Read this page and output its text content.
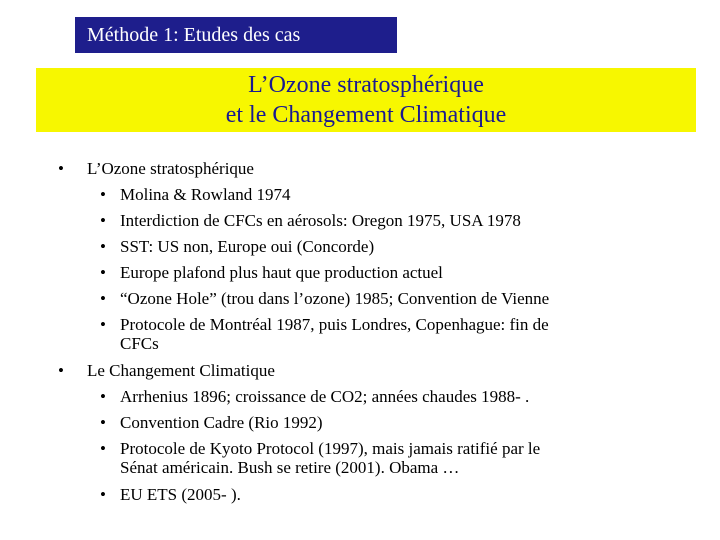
Méthode 1: Etudes des cas
L’Ozone stratosphérique
et le Changement Climatique
•	L’Ozone stratosphérique
• Molina & Rowland 1974
• Interdiction de CFCs en aérosols: Oregon 1975, USA 1978
• SST: US non, Europe oui (Concorde)
• Europe plafond plus haut que production actuel
• “Ozone Hole” (trou dans l’ozone) 1985; Convention de Vienne
• Protocole de Montréal 1987, puis Londres, Copenhague: fin de
CFCs
•	Le Changement Climatique
• Arrhenius 1896; croissance de CO2; années chaudes 1988- .
• Convention Cadre (Rio 1992)
• Protocole de Kyoto Protocol (1997), mais jamais ratifié par le
Sénat américain. Bush se retire (2001). Obama …
• EU ETS (2005- ).
